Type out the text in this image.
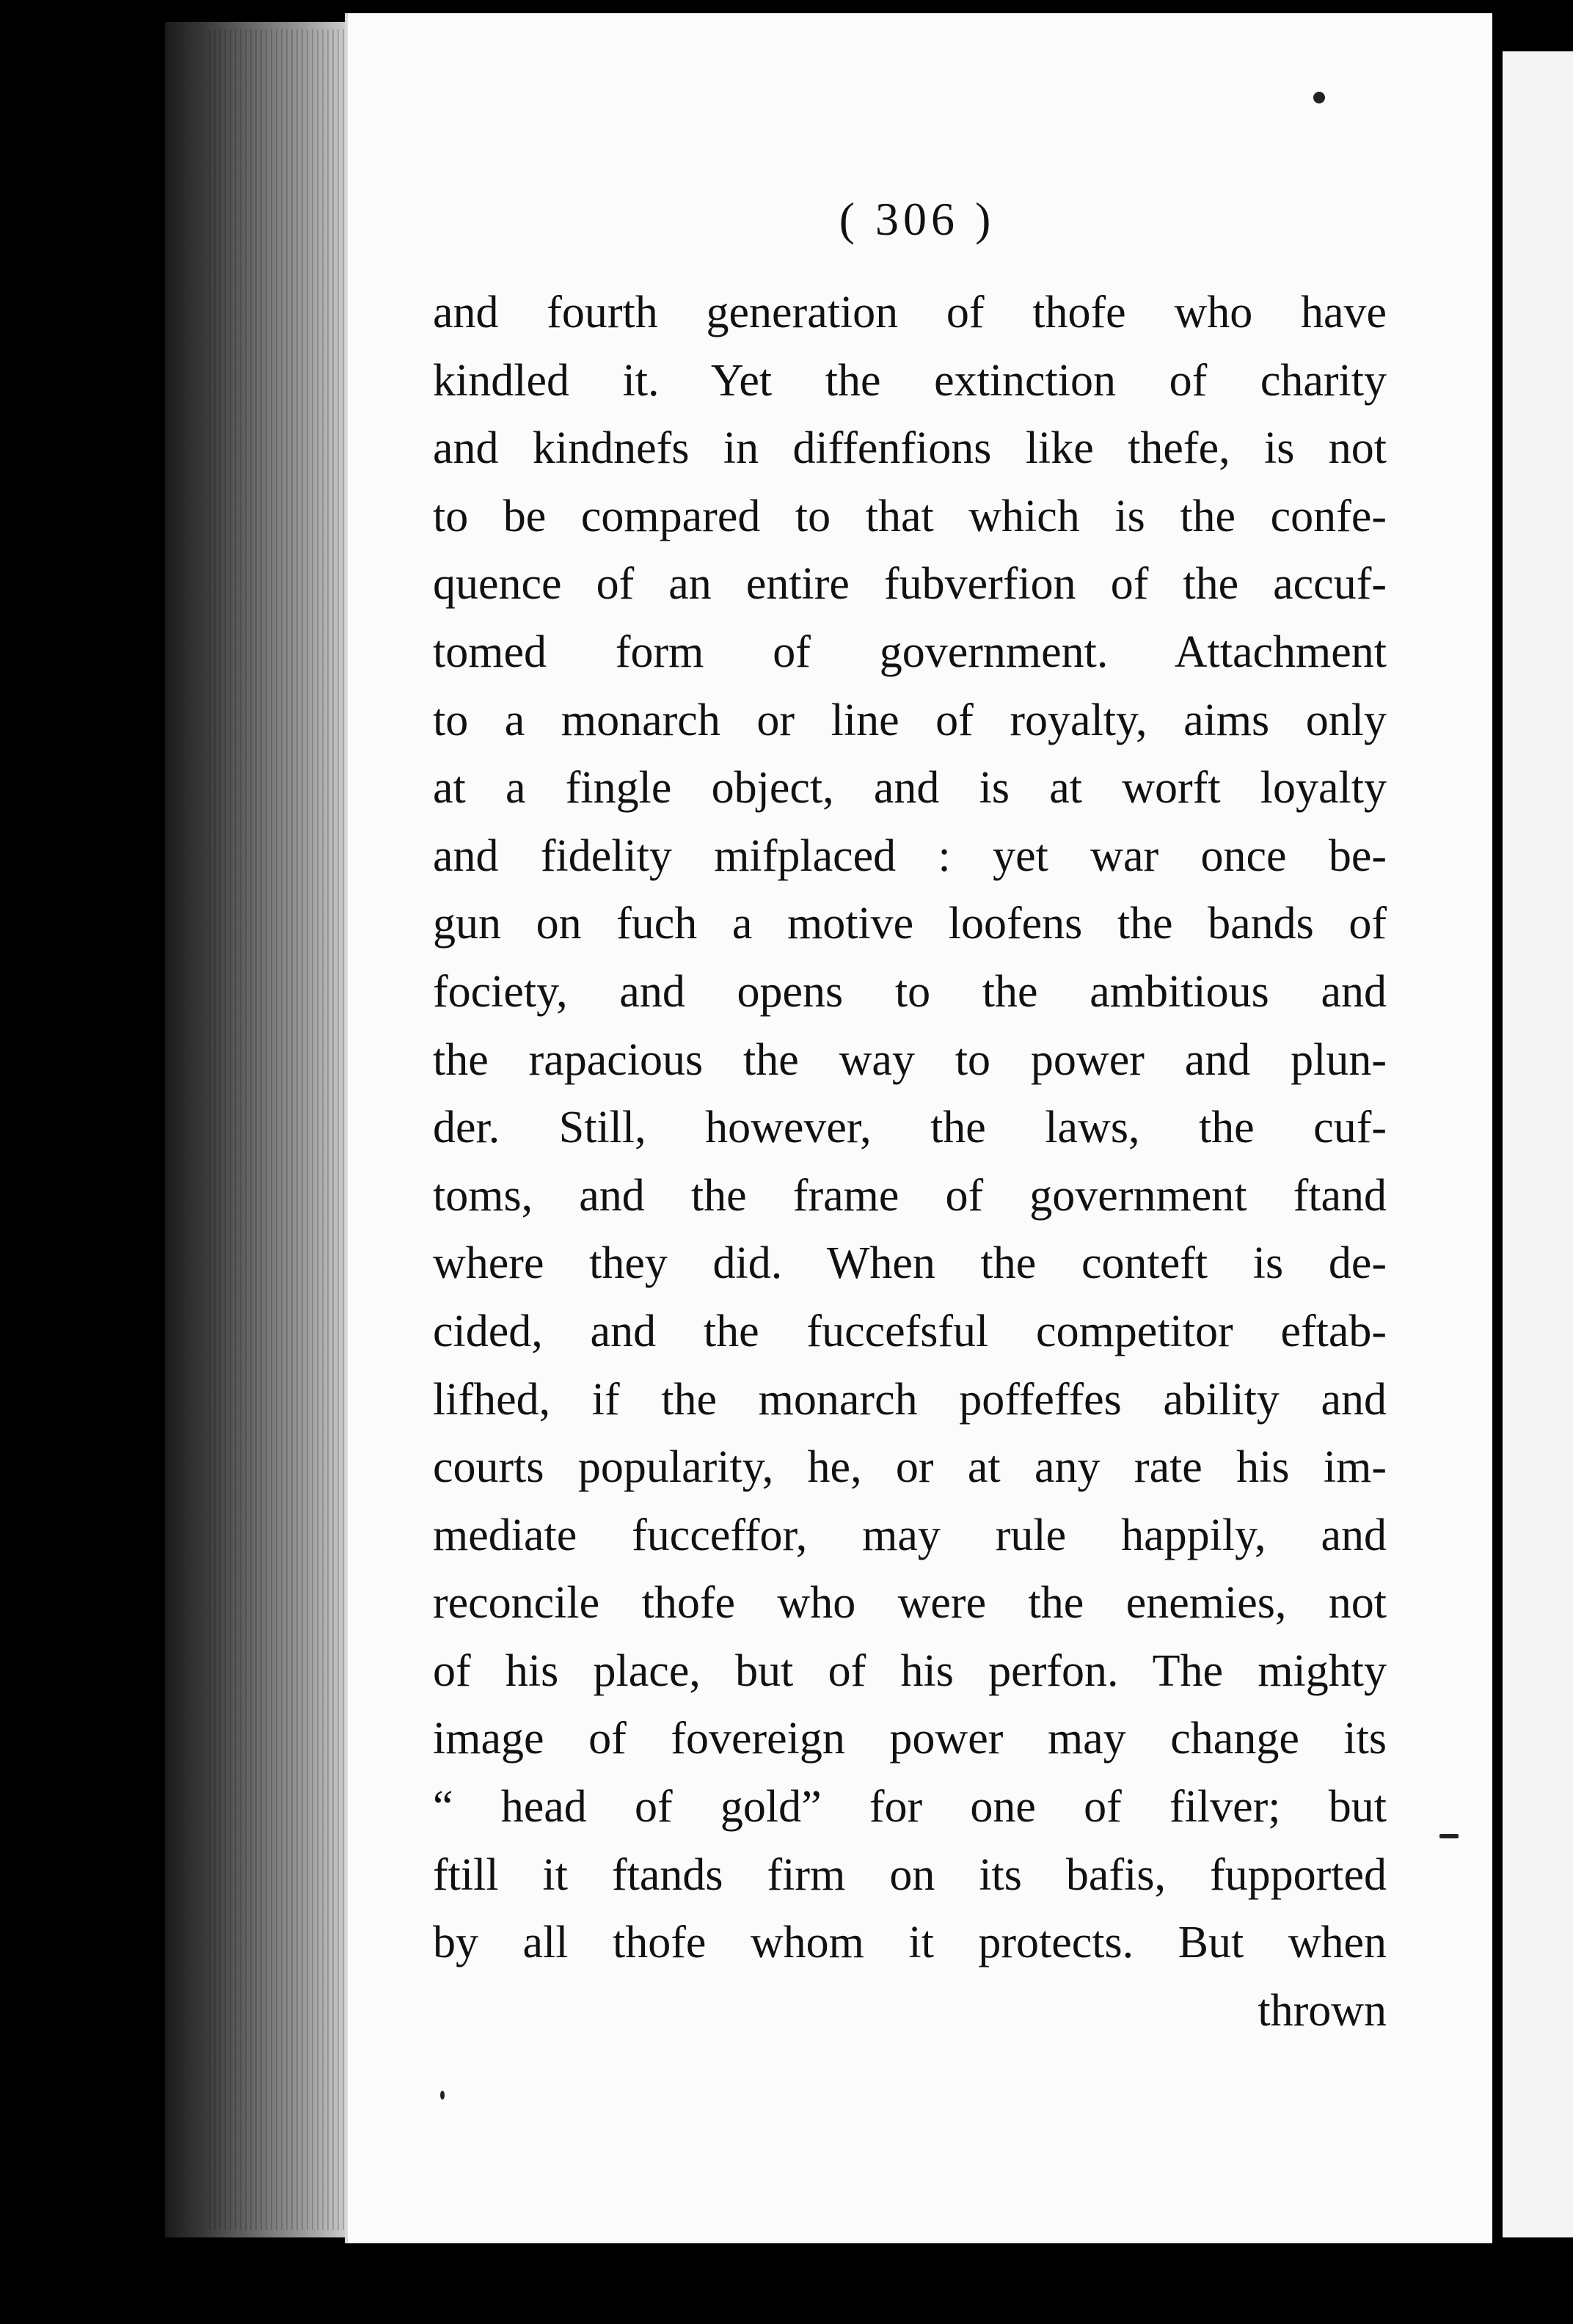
( 306 )

and fourth generation of thofe who have
kindled it. Yet the extinction of charity
and kindnefs in diffenfions like thefe, is not
to be compared to that which is the confe-
quence of an entire fubverfion of the accuf-
tomed form of government. Attachment
to a monarch or line of royalty, aims only
at a fingle object, and is at worft loyalty
and fidelity mifplaced : yet war once be-
gun on fuch a motive loofens the bands of
fociety, and opens to the ambitious and
the rapacious the way to power and plun-
der. Still, however, the laws, the cuf-
toms, and the frame of government ftand
where they did. When the conteft is de-
cided, and the fuccefsful competitor eftab-
lifhed, if the monarch poffeffes ability and
courts popularity, he, or at any rate his im-
mediate fucceffor, may rule happily, and
reconcile thofe who were the enemies, not
of his place, but of his perfon. The mighty
image of fovereign power may change its
“ head of gold” for one of filver; but
ftill it ftands firm on its bafis, fupported
by all thofe whom it protects. But when
thrown
